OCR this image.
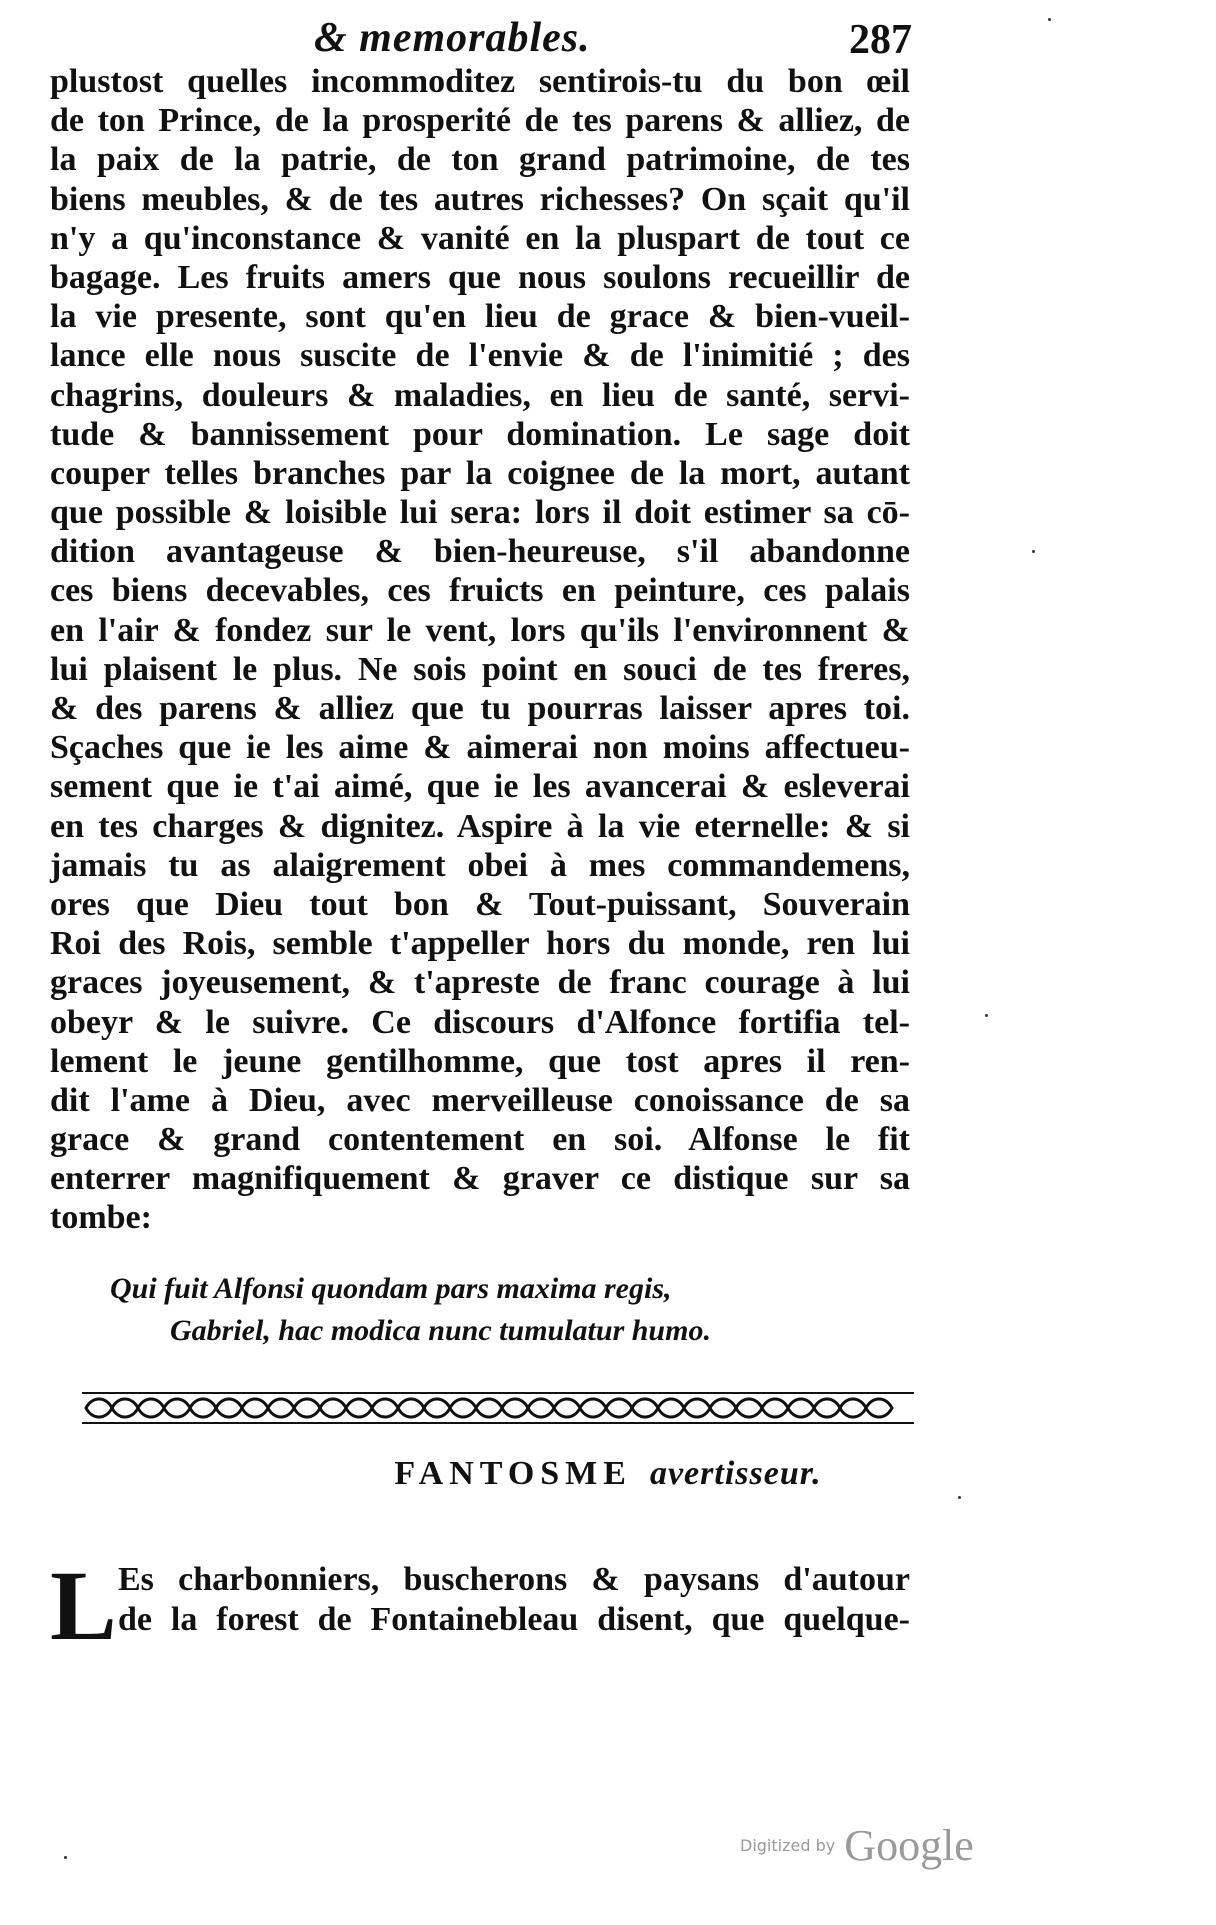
& memorables.	287
plustost quelles incommoditez sentirois-tu du bon œil
de ton Prince, de la prosperité de tes parens & alliez, de
la paix de la patrie, de ton grand patrimoine, de tes
biens meubles, & de tes autres richesses? On sçait qu'il
n'y a qu'inconstance & vanité en la pluspart de tout ce
bagage. Les fruits amers que nous soulons recueillir de
la vie presente, sont qu'en lieu de grace & bien-vueil-
lance elle nous suscite de l'envie & de l'inimitié ; des
chagrins, douleurs & maladies, en lieu de santé, servi-
tude & bannissement pour domination. Le sage doit
couper telles branches par la coignee de la mort, autant
que possible & loisible lui sera: lors il doit estimer sa cō-
dition avantageuse & bien-heureuse, s'il abandonne
ces biens decevables, ces fruicts en peinture, ces palais
en l'air & fondez sur le vent, lors qu'ils l'environnent &
lui plaisent le plus. Ne sois point en souci de tes freres,
& des parens & alliez que tu pourras laisser apres toi.
Sçaches que ie les aime & aimerai non moins affectueu-
sement que ie t'ai aimé, que ie les avancerai & esleverai
en tes charges & dignitez. Aspire à la vie eternelle: & si
jamais tu as alaigrement obei à mes commandemens,
ores que Dieu tout bon & Tout-puissant, Souverain
Roi des Rois, semble t'appeller hors du monde, ren lui
graces joyeusement, & t'apreste de franc courage à lui
obeyr & le suivre. Ce discours d'Alfonce fortifia tel-
lement le jeune gentilhomme, que tost apres il ren-
dit l'ame à Dieu, avec merveilleuse conoissance de sa
grace & grand contentement en soi. Alfonse le fit
enterrer magnifiquement & graver ce distique sur sa
tombe:
Qui fuit Alfonsi quondam pars maxima regis,
Gabriel, hac modica nunc tumulatur humo.
FANTOSME avertisseur.
L Es charbonniers, buscherons & paysans d'autour
de la forest de Fontainebleau disent, que quelque-
Digitized by Google
